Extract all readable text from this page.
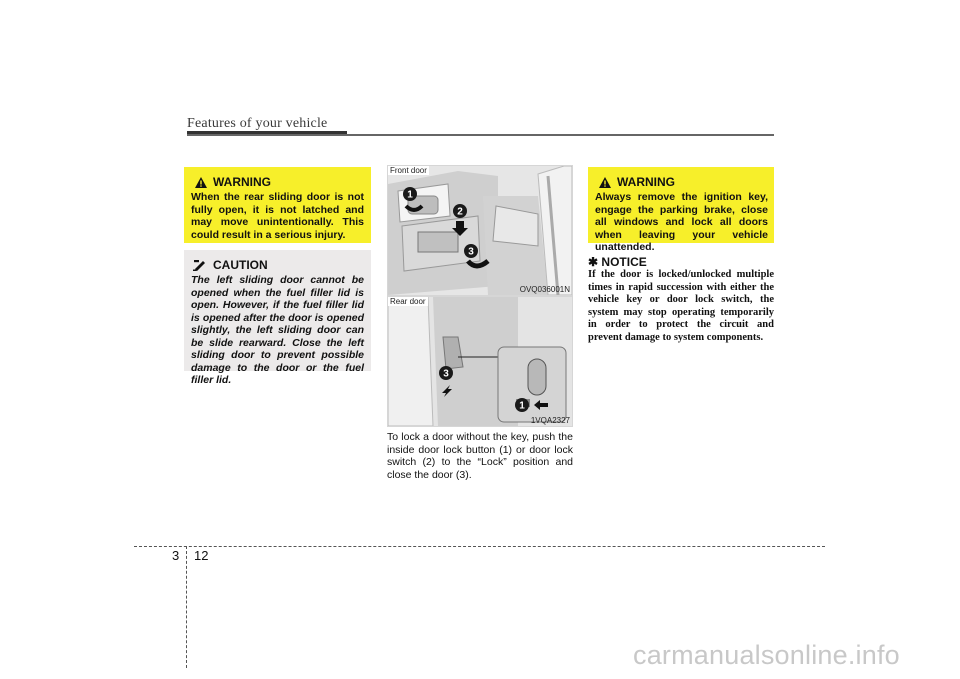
Features of your vehicle
WARNING
When the rear sliding door is not fully open, it is not latched and may move unintentionally. This could result in a serious injury.
CAUTION
The left sliding door cannot be opened when the fuel filler lid is open. However, if the fuel filler lid is opened after the door is opened slightly, the left sliding door can be slide rearward. Close the left sliding door to prevent possible damage to the door or the fuel filler lid.
1
2
3
Front door
OVQ036001N
3
1
Rear door
1VQA2327
To lock a door without the key, push the inside door lock button (1) or door lock switch (2) to the “Lock” position and close the door (3).
WARNING
Always remove the ignition key, engage the parking brake, close all windows and lock all doors when leaving your vehicle unattended.
✱ NOTICE
If the door is locked/unlocked multiple times in rapid succession with either the vehicle key or door lock switch, the system may stop operating temporarily in order to protect the circuit and prevent damage to system components.
3 12
carmanualsonline.info
